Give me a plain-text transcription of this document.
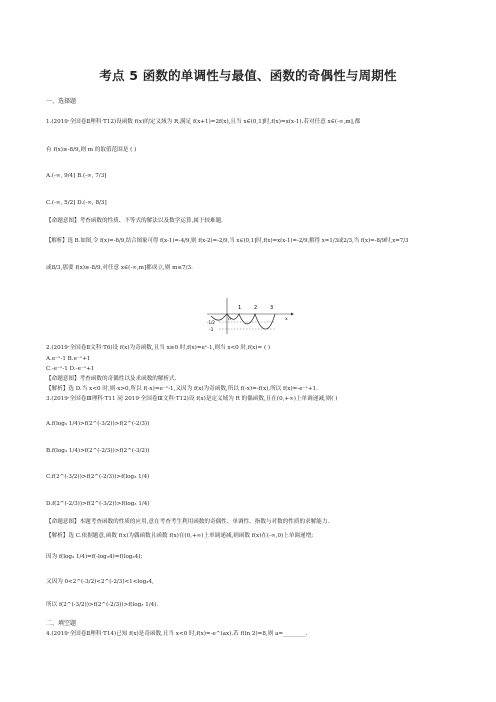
考点 5 函数的单调性与最值、函数的奇偶性与周期性
一、选择题
1.(2019·全国卷Ⅱ理科·T12)设函数 f(x)的定义域为 R,满足 f(x+1)=2f(x),且当 x∈(0,1]时,f(x)=x(x-1).若对任意 x∈(-∞,m],都
有 f(x)≥-8/9,则 m 的取值范围是 ( )
A.(-∞, 9/4] B.(-∞, 7/3]
C.(-∞, 5/2] D.(-∞, 8/3]
【命题意图】考查函数的性质、不等式的解法以及数学运算,属于较难题.
【解析】选 B.如图,令 f(x)=-8/9,结合图象可得 f(x-1)=-4/9,则 f(x-2)=-2/9,当 x∈(0,1]时,f(x)=x(x-1)=-2/9,解得 x=1/3或2/3,当 f(x)=-8/9时,x=7/3
或8/3,那要 f(x)≥-8/9,对任意 x∈(-∞,m]都成立,则 m≤7/3.
1	2	3
x
-1/2
-1
O
2.(2019·全国卷Ⅱ文科·T6)设 f(x)为奇函数,且当 x≥0 时,f(x)=eˣ-1,则当 x<0 时,f(x)= ( )
A.e⁻ˣ-1 B.e⁻ˣ+1
C.-e⁻ˣ-1 D.-e⁻ˣ+1
【命题意图】考查函数的奇偶性以及求函数的解析式.
【解析】选 D.当 x<0 时,则-x>0,所以 f(-x)=e⁻ˣ-1,又因为 f(x)为奇函数,所以 f(-x)=-f(x),所以 f(x)=-e⁻ˣ+1.
3.(2019·全国卷Ⅲ理科·T11 同 2019·全国卷Ⅲ文科·T12)设 f(x)是定义域为 R 的偶函数,且在(0,+∞)上单调递减,则( )
A.f(log₃ 1/4)>f(2^(-3/2))>f(2^(-2/3))
B.f(log₃ 1/4)>f(2^(-2/3))>f(2^(-3/2))
C.f(2^(-3/2))>f(2^(-2/3))>f(log₃ 1/4)
D.f(2^(-2/3))>f(2^(-3/2))>f(log₃ 1/4)
【命题意图】本题考查函数的性质的应用,意在考查考生利用函数的奇偶性、单调性、指数与对数的性质的求解能力.
【解析】选 C.依据题意,函数 f(x)为偶函数且函数 f(x)在(0,+∞)上单调递减,则函数 f(x)在(-∞,0)上单调递增;
因为 f(log₃ 1/4)=f(-log₃4)=f(log₃4);
又因为 0<2^(-3/2)<2^(-2/3)<1<log₃4,
所以 f(2^(-3/2))>f(2^(-2/3))>f(log₃ 1/4).
二、填空题
4.(2019·全国卷Ⅱ理科·T14)已知 f(x)是奇函数,且当 x<0 时,f(x)=-e^(ax).若 f(ln 2)=8,则 a=________.
